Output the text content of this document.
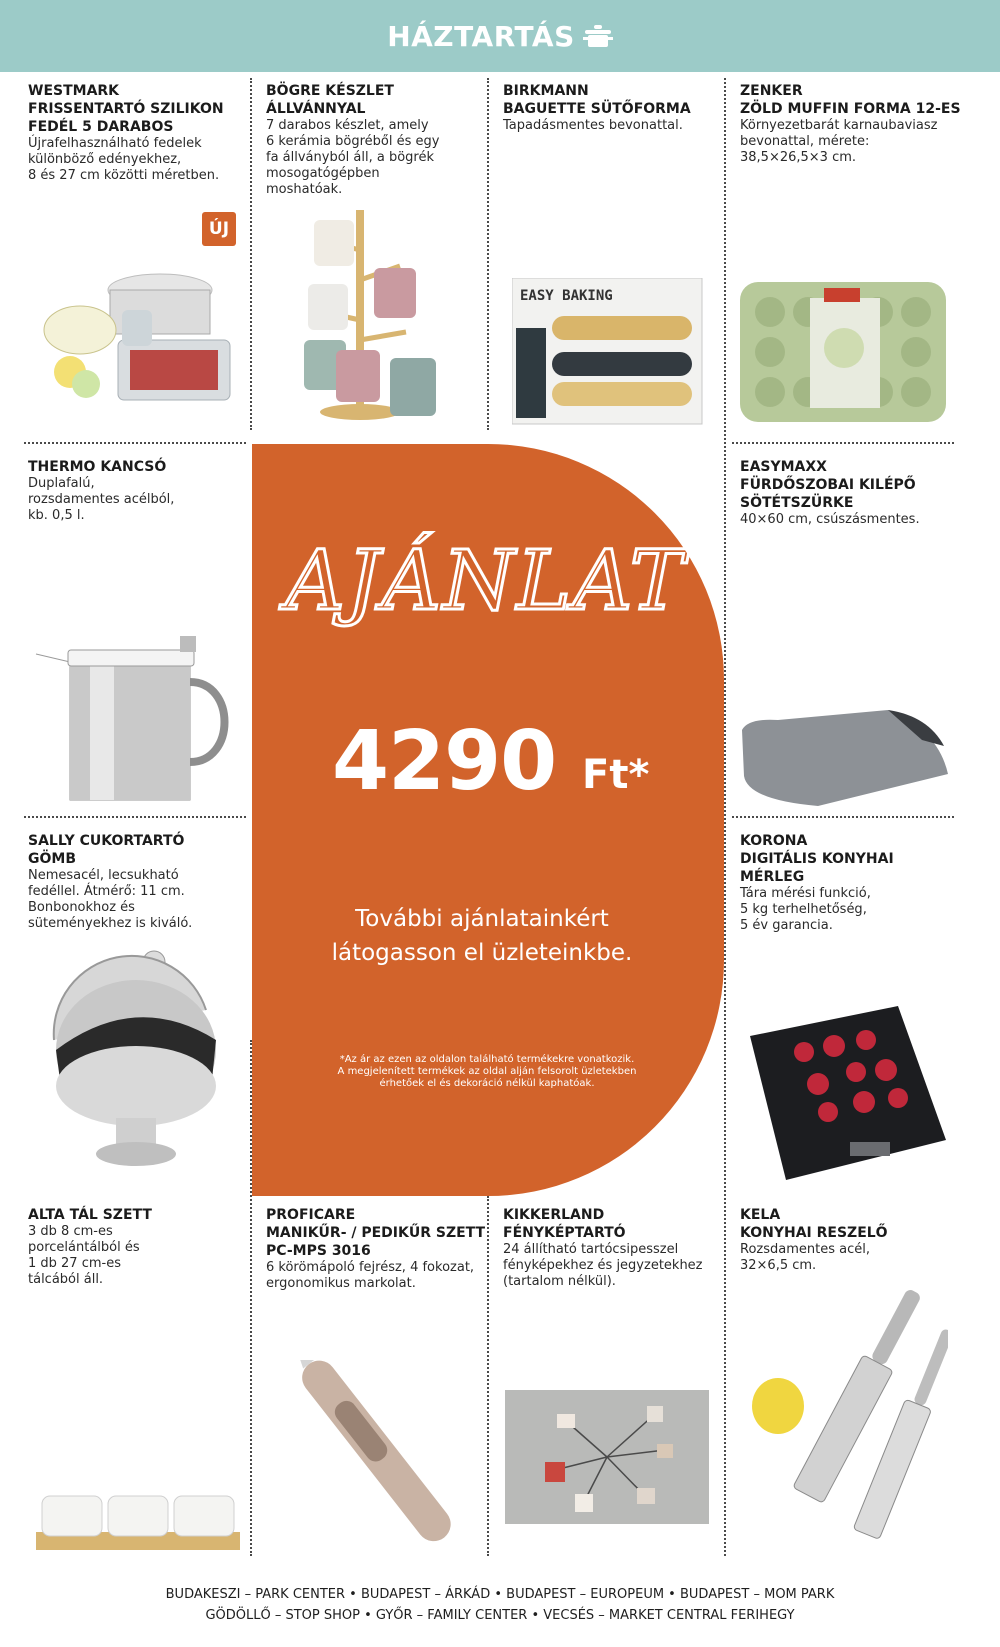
HÁZTARTÁS
WESTMARK
FRISSENTARTÓ SZILIKON
FEDÉL 5 DARABOS
Újrafelhasználható fedelek
különböző edényekhez,
8 és 27 cm közötti méretben.
ÚJ
BÖGRE KÉSZLET
ÁLLVÁNNYAL
7 darabos készlet, amely
6 kerámia bögréből és egy
fa állványból áll, a bögrék
mosogatógépben
moshatóak.
BIRKMANN
BAGUETTE SÜTŐFORMA
Tapadásmentes bevonattal.
EASY BAKING
ZENKER
ZÖLD MUFFIN FORMA 12-ES
Környezetbarát karnaubaviasz
bevonattal, mérete:
38,5×26,5×3 cm.
THERMO KANCSÓ
Duplafalú,
rozsdamentes acélból,
kb. 0,5 l.
EASYMAXX
FÜRDŐSZOBAI KILÉPŐ
SÖTÉTSZÜRKE
40×60 cm, csúszásmentes.
AJÁNLAT
4290 Ft*
További ajánlatainkért
látogasson el üzleteinkbe.
*Az ár az ezen az oldalon található termékekre vonatkozik.
A megjelenített termékek az oldal alján felsorolt üzletekben
érhetőek el és dekoráció nélkül kaphatóak.
SALLY CUKORTARTÓ
GÖMB
Nemesacél, lecsukható
fedéllel. Átmérő: 11 cm.
Bonbonokhoz és
süteményekhez is kiváló.
KORONA
DIGITÁLIS KONYHAI
MÉRLEG
Tára mérési funkció,
5 kg terhelhetőség,
5 év garancia.
ALTA TÁL SZETT
3 db 8 cm-es
porcelántálból és
1 db 27 cm-es
tálcából áll.
PROFICARE
MANIKŰR- / PEDIKŰR SZETT
PC-MPS 3016
6 körömápoló fejrész, 4 fokozat,
ergonomikus markolat.
KIKKERLAND
FÉNYKÉPTARTÓ
24 állítható tartócsipesszel
fényképekhez és jegyzetekhez
(tartalom nélkül).
KELA
KONYHAI RESZELŐ
Rozsdamentes acél,
32×6,5 cm.
BUDAKESZI – PARK CENTER • BUDAPEST – ÁRKÁD • BUDAPEST – EUROPEUM • BUDAPEST – MOM PARK
GÖDÖLLŐ – STOP SHOP • GYŐR – FAMILY CENTER • VECSÉS – MARKET CENTRAL FERIHEGY
